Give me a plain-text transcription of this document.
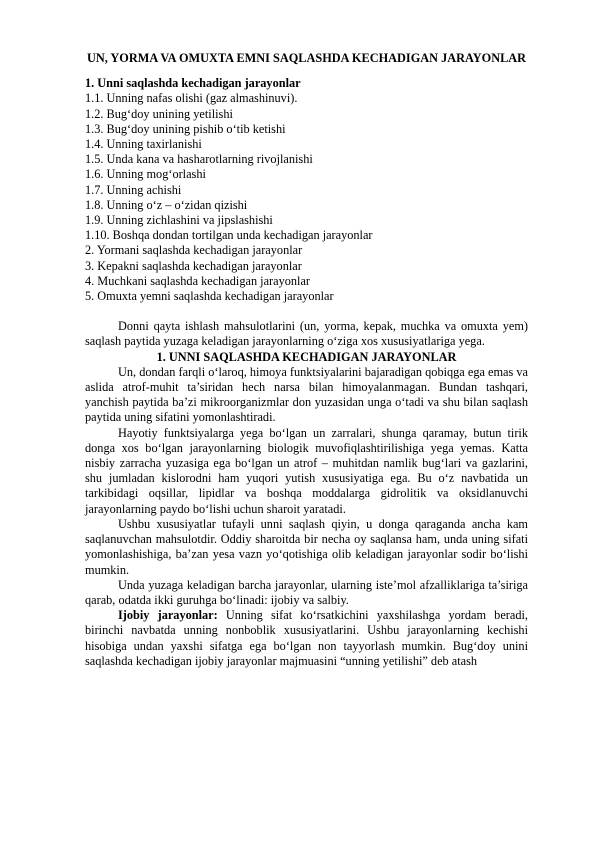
UN, YORMA VA OMUXTA EMNI SAQLASHDA KECHADIGAN JARAYONLAR
1. Unni saqlashda kechadigan jarayonlar
1.1. Unning nafas olishi (gaz almashinuvi).
1.2. Bug‘doy unining yetilishi
1.3. Bug‘doy unining pishib o‘tib ketishi
1.4. Unning taxirlanishi
1.5. Unda kana va hasharotlarning rivojlanishi
1.6. Unning mog‘orlashi
1.7. Unning achishi
1.8. Unning o‘z – o‘zidan qizishi
1.9. Unning zichlashini va jipslashishi
1.10. Boshqa dondan tortilgan unda kechadigan jarayonlar
2. Yormani saqlashda kechadigan jarayonlar
3. Kepakni saqlashda kechadigan jarayonlar
4. Muchkani saqlashda kechadigan jarayonlar
5. Omuxta yemni saqlashda kechadigan jarayonlar

Donni qayta ishlash mahsulotlarini (un, yorma, kepak, muchka va omuxta yem) saqlash paytida yuzaga keladigan jarayonlarning o‘ziga xos xususiyatlariga yega.

1. UNNI SAQLASHDA KECHADIGAN JARAYONLAR

Un, dondan farqli o‘laroq, himoya funktsiyalarini bajaradigan qobiqga ega emas va aslida atrof-muhit ta’siridan hech narsa bilan himoyalanmagan. Bundan tashqari, yanchish paytida ba’zi mikroorganizmlar don yuzasidan unga o‘tadi va shu bilan saqlash paytida uning sifatini yomonlashtiradi.

Hayotiy funktsiyalarga yega bo‘lgan un zarralari, shunga qaramay, butun tirik donga xos bo‘lgan jarayonlarning biologik muvofiqlashtirilishiga yega yemas. Katta nisbiy zarracha yuzasiga ega bo‘lgan un atrof – muhitdan namlik bug‘lari va gazlarini, shu jumladan kislorodni ham yuqori yutish xususiyatiga ega. Bu o‘z navbatida un tarkibidagi oqsillar, lipidlar va boshqa moddalarga gidrolitik va oksidlanuvchi jarayonlarning paydo bo‘lishi uchun sharoit yaratadi.

Ushbu xususiyatlar tufayli unni saqlash qiyin, u donga qaraganda ancha kam saqlanuvchan mahsulotdir. Oddiy sharoitda bir necha oy saqlansa ham, unda uning sifati yomonlashishiga, ba’zan yesa vazn yo‘qotishiga olib keladigan jarayonlar sodir bo‘lishi mumkin.

Unda yuzaga keladigan barcha jarayonlar, ularning iste’mol afzalliklariga ta’siriga qarab, odatda ikki guruhga bo‘linadi: ijobiy va salbiy.

Ijobiy jarayonlar: Unning sifat ko‘rsatkichini yaxshilashga yordam beradi, birinchi navbatda unning nonboblik xususiyatlarini. Ushbu jarayonlarning kechishi hisobiga undan yaxshi sifatga ega bo‘lgan non tayyorlash mumkin. Bug‘doy unini saqlashda kechadigan ijobiy jarayonlar majmuasini “unning yetilishi” deb atash
